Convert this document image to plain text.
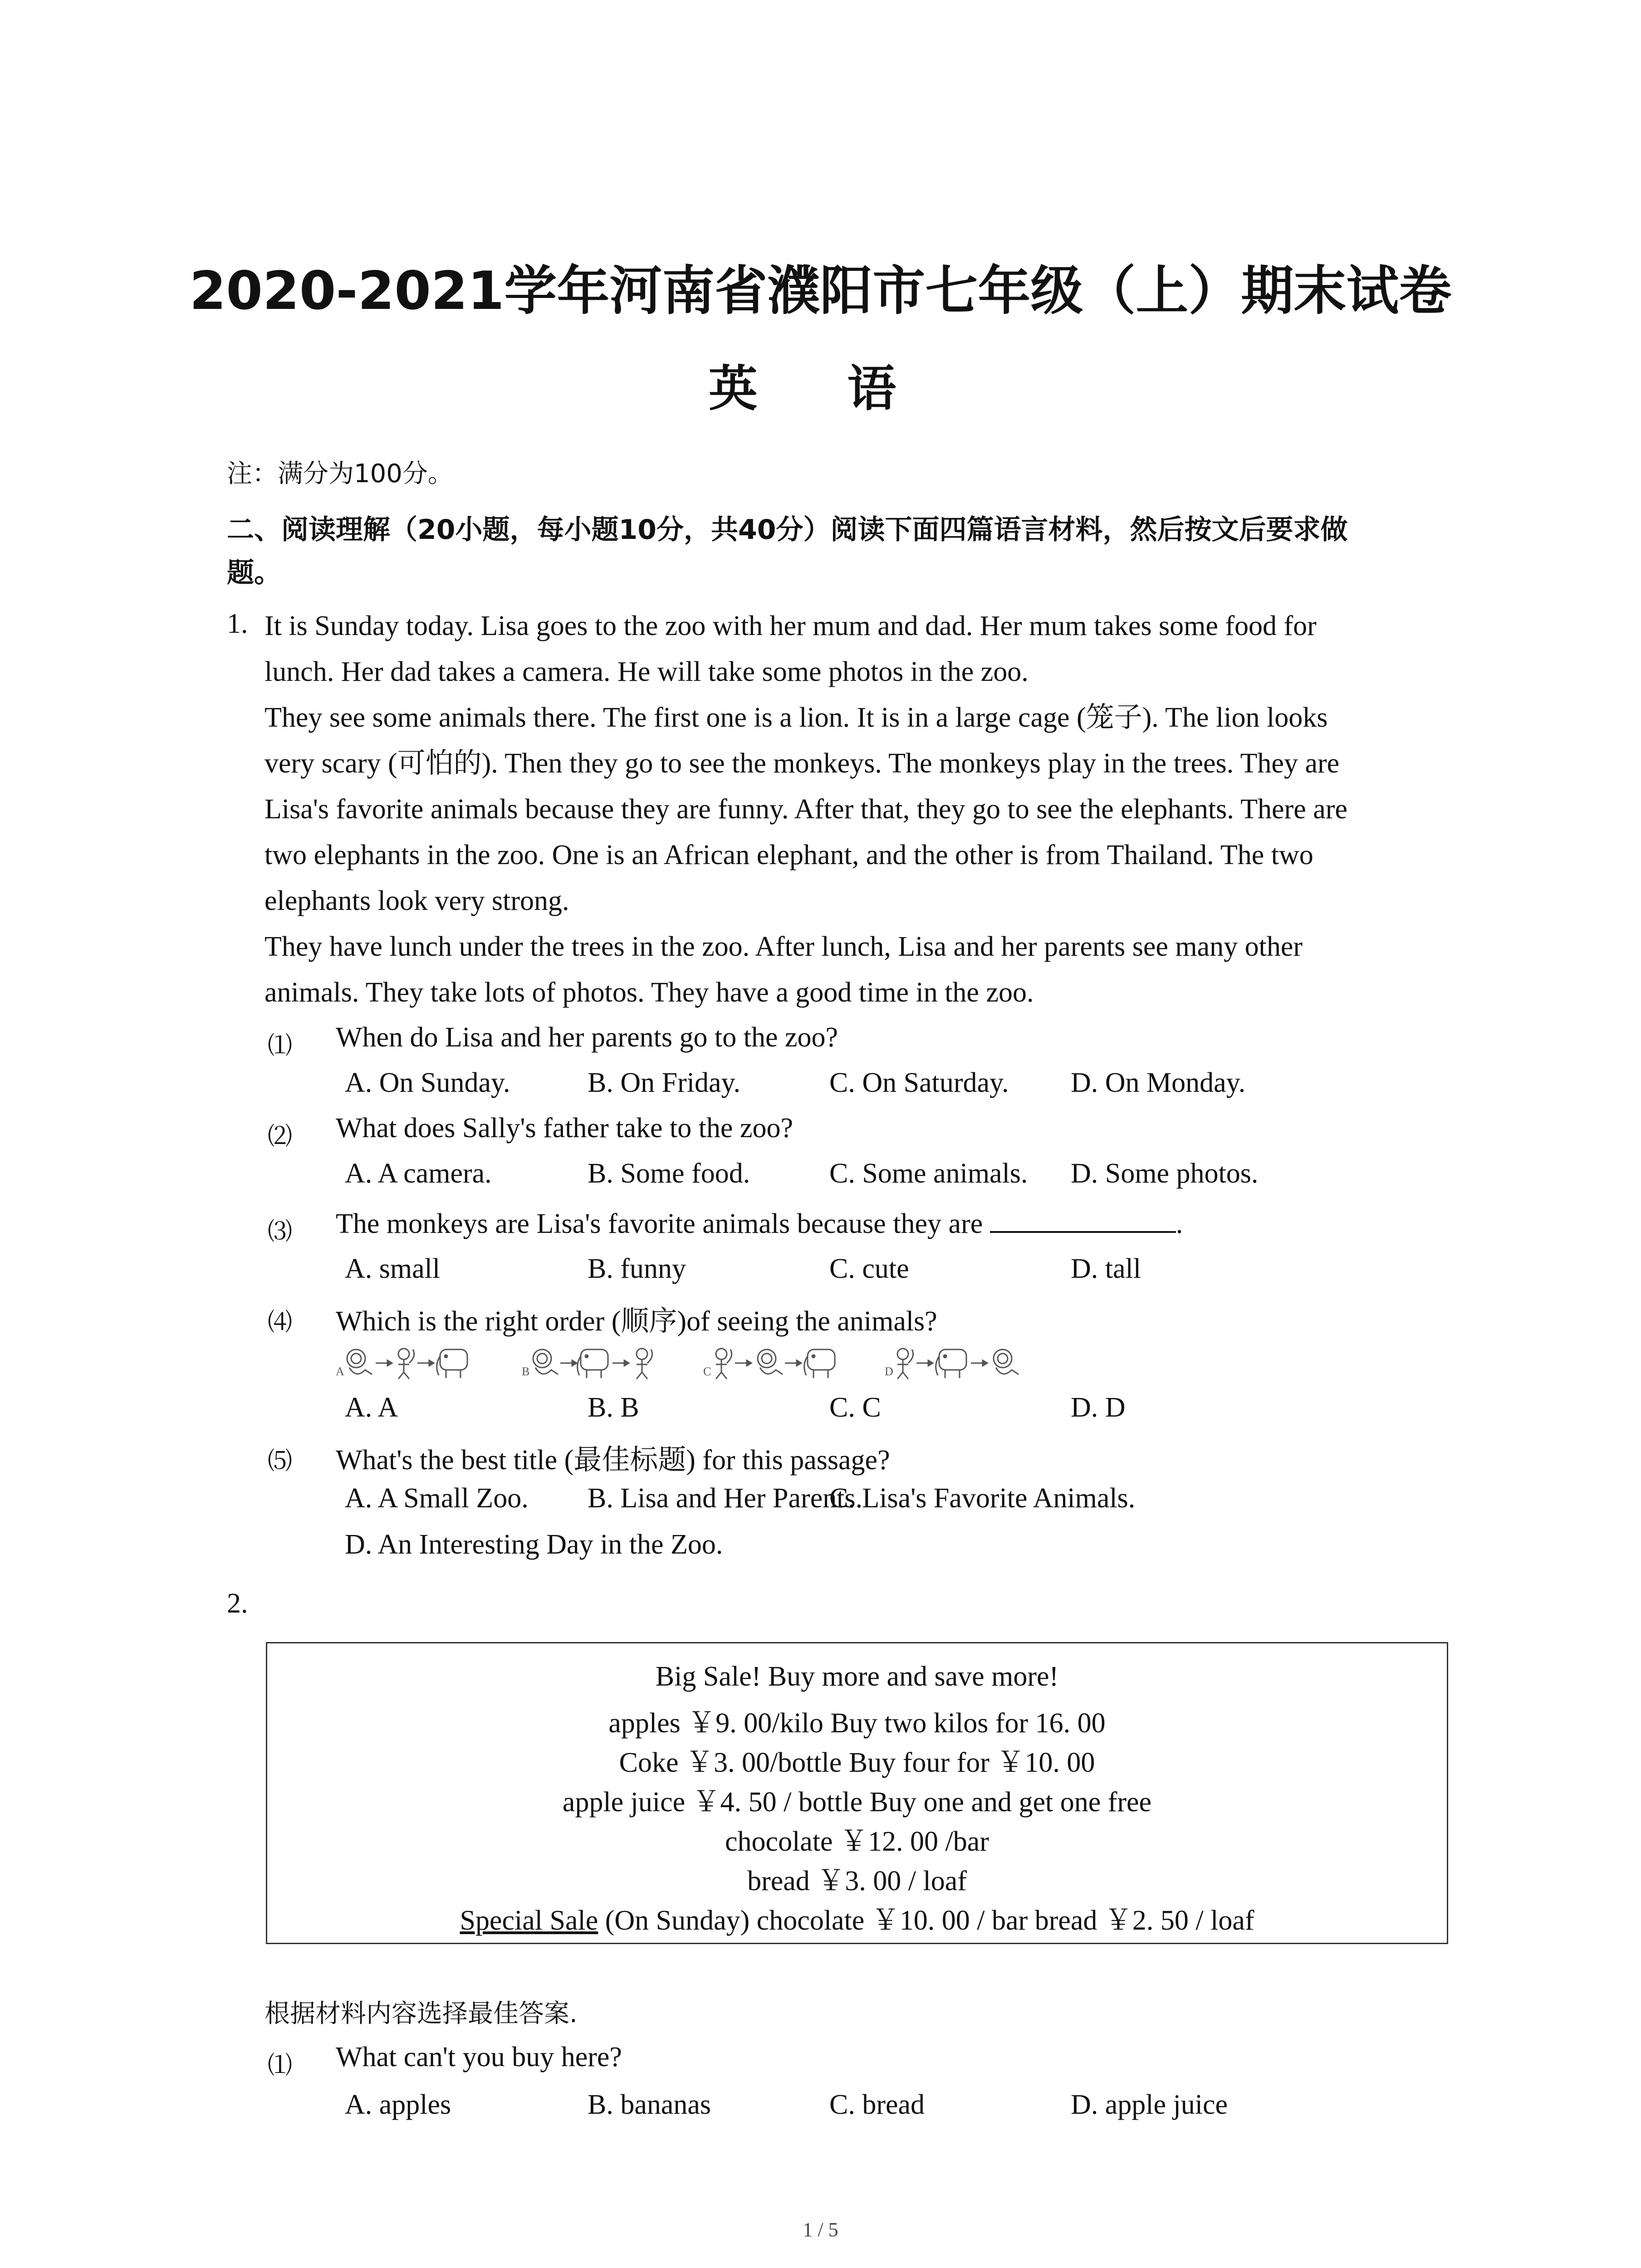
2020-2021学年河南省濮阳市七年级（上）期末试卷
英 语
注：满分为100分。
二、阅读理解（20小题，每小题10分，共40分）阅读下面四篇语言材料，然后按文后要求做
题。
1. It is Sunday today. Lisa goes to the zoo with her mum and dad. Her mum takes some food for

lunch. Her dad takes a camera. He will take some photos in the zoo.

They see some animals there. The first one is a lion. It is in a large cage (笼子). The lion looks

very scary (可怕的). Then they go to see the monkeys. The monkeys play in the trees. They are

Lisa's favorite animals because they are funny. After that, they go to see the elephants. There are

two elephants in the zoo. One is an African elephant, and the other is from Thailand. The two

elephants look very strong.

They have lunch under the trees in the zoo. After lunch, Lisa and her parents see many other

animals. They take lots of photos. They have a good time in the zoo.

⑴ When do Lisa and her parents go to the zoo?
A. On Sunday.	B. On Friday.	C. On Saturday. D. On Monday.
⑵ What does Sally's father take to the zoo?
A. A camera.	B. Some food.	C. Some animals. D. Some photos.
⑶ The monkeys are Lisa's favorite animals because they are	.
A. small	B. funny	C. cute	D. tall
⑷ Which is the right order (顺序)of seeing the animals?
A	B	C	D
A. A	B. B	C. C	D. D
⑸ What's the best title (最佳标题) for this passage?
A. A Small Zoo. B. Lisa and Her Parents.
C. Lisa's Favorite Animals.
D. An Interesting Day in the Zoo.
2.
Big Sale! Buy more and save more!
apples ￥9. 00/kilo Buy two kilos for 16. 00
Coke ￥3. 00/bottle Buy four for ￥10. 00
apple juice ￥4. 50 / bottle Buy one and get one free
chocolate ￥12. 00 /bar
bread ￥3. 00 / loaf
Special Sale (On Sunday) chocolate ￥10. 00 / bar bread ￥2. 50 / loaf
根据材料内容选择最佳答案.
⑴ What can't you buy here?
A. apples	B. bananas	C. bread	D. apple juice
1 / 5
